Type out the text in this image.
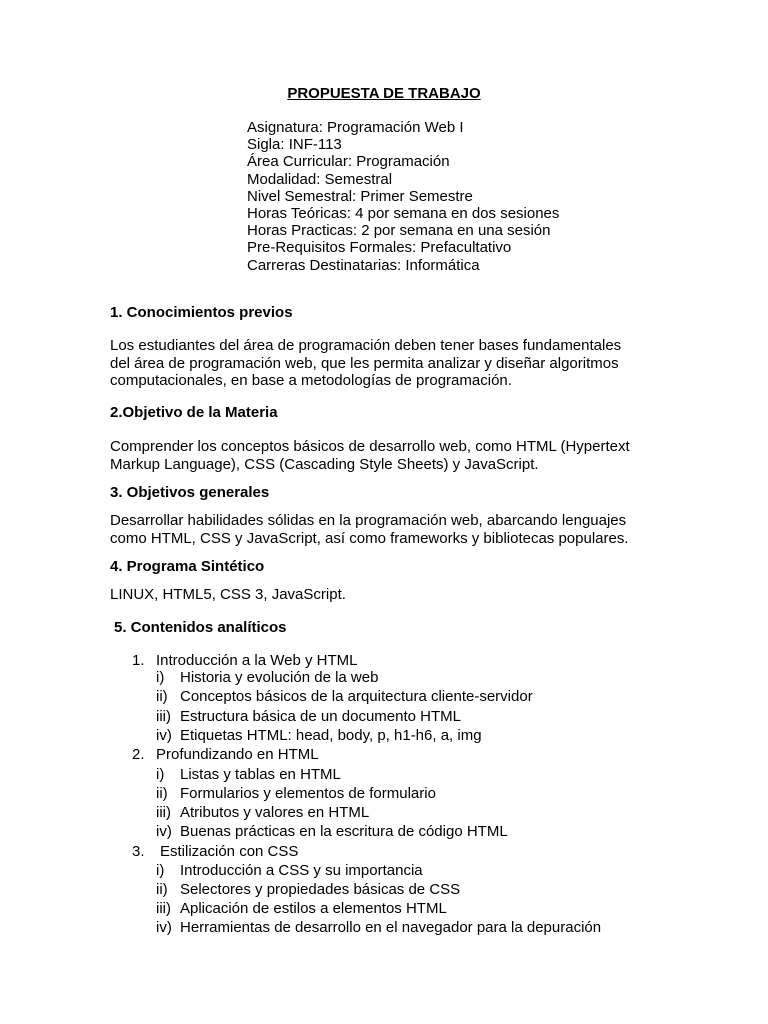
PROPUESTA DE TRABAJO
Asignatura: Programación Web I
Sigla: INF-113
Área Curricular: Programación
Modalidad: Semestral
Nivel Semestral: Primer Semestre
Horas Teóricas: 4 por semana en dos sesiones
Horas Practicas: 2 por semana en una sesión
Pre-Requisitos Formales: Prefacultativo
Carreras Destinatarias: Informática
1. Conocimientos previos
Los estudiantes del área de programación deben tener bases fundamentales
del área de programación web, que les permita analizar y diseñar algoritmos
computacionales, en base a metodologías de programación.
2.Objetivo de la Materia
Comprender los conceptos básicos de desarrollo web, como HTML (Hypertext
Markup Language), CSS (Cascading Style Sheets) y JavaScript.
3. Objetivos generales
Desarrollar habilidades sólidas en la programación web, abarcando lenguajes
como HTML, CSS y JavaScript, así como frameworks y bibliotecas populares.
4. Programa Sintético
LINUX, HTML5, CSS 3, JavaScript.
5. Contenidos analíticos
1. Introducción a la Web y HTML
i) Historia y evolución de la web
ii) Conceptos básicos de la arquitectura cliente-servidor
iii) Estructura básica de un documento HTML
iv) Etiquetas HTML: head, body, p, h1-h6, a, img
2. Profundizando en HTML
i) Listas y tablas en HTML
ii) Formularios y elementos de formulario
iii) Atributos y valores en HTML
iv) Buenas prácticas en la escritura de código HTML
3. Estilización con CSS
i) Introducción a CSS y su importancia
ii) Selectores y propiedades básicas de CSS
iii) Aplicación de estilos a elementos HTML
iv) Herramientas de desarrollo en el navegador para la depuración
